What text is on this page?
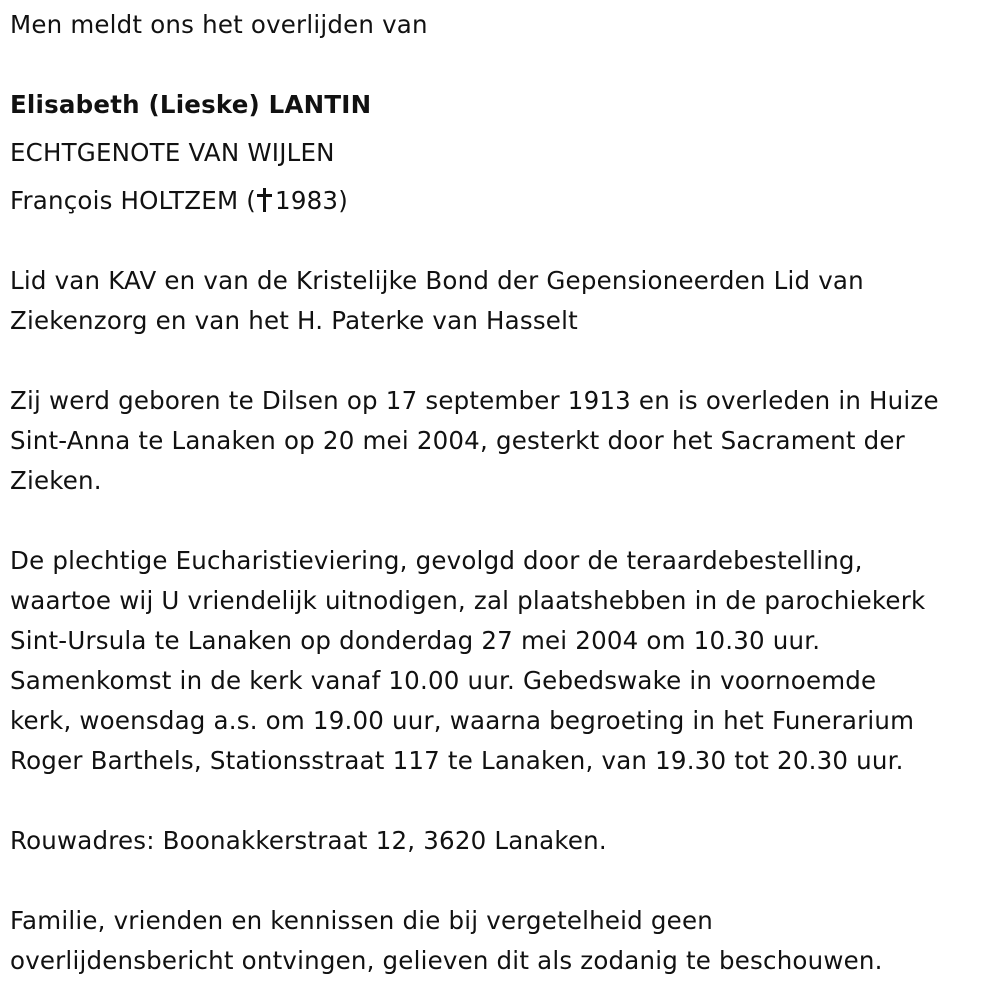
Men meldt ons het overlijden van
Elisabeth (Lieske) LANTIN
ECHTGENOTE VAN WIJLEN
François HOLTZEM ( 1983)
Lid van KAV en van de Kristelijke Bond der Gepensioneerden Lid van
Ziekenzorg en van het H. Paterke van Hasselt
Zij werd geboren te Dilsen op 17 september 1913 en is overleden in Huize
Sint-Anna te Lanaken op 20 mei 2004, gesterkt door het Sacrament der
Zieken.
De plechtige Eucharistieviering, gevolgd door de teraardebestelling,
waartoe wij U vriendelijk uitnodigen, zal plaatshebben in de parochiekerk
Sint-Ursula te Lanaken op donderdag 27 mei 2004 om 10.30 uur.
Samenkomst in de kerk vanaf 10.00 uur. Gebedswake in voornoemde
kerk, woensdag a.s. om 19.00 uur, waarna begroeting in het Funerarium
Roger Barthels, Stationsstraat 117 te Lanaken, van 19.30 tot 20.30 uur.
Rouwadres: Boonakkerstraat 12, 3620 Lanaken.
Familie, vrienden en kennissen die bij vergetelheid geen
overlijdensbericht ontvingen, gelieven dit als zodanig te beschouwen.
